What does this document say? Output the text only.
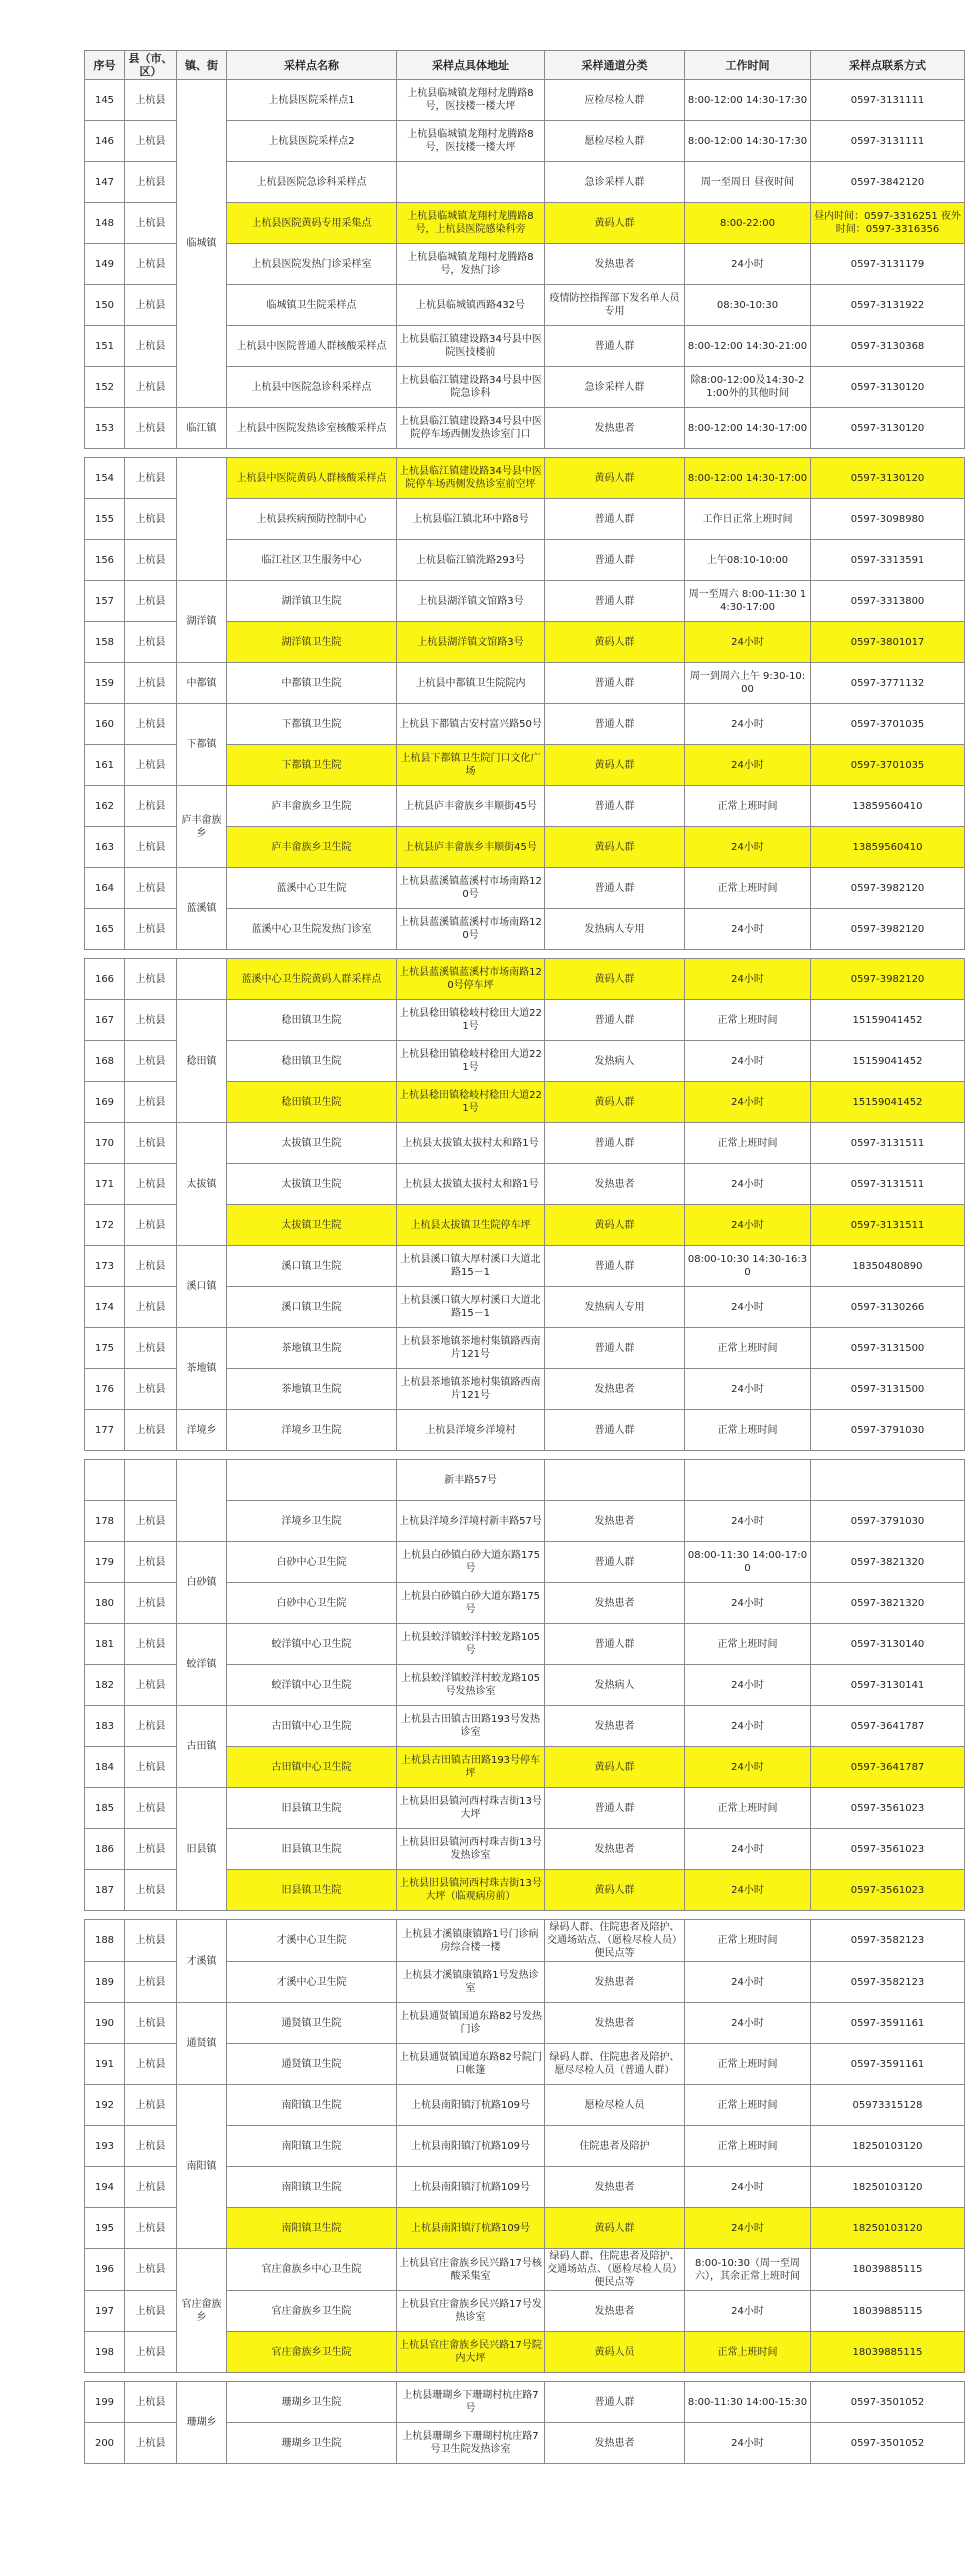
序号	县（市、区）	镇、街	采样点名称	采样点具体地址	采样通道分类	工作时间	采样点联系方式
145	上杭县	临城镇	上杭县医院采样点1	上杭县临城镇龙翔村龙腾路8号，医技楼一楼大坪	应检尽检人群	8:00-12:00 14:30-17:30	0597-3131111
146	上杭县		上杭县医院采样点2	上杭县临城镇龙翔村龙腾路8号，医技楼一楼大坪	愿检尽检人群	8:00-12:00 14:30-17:30	0597-3131111
147	上杭县		上杭县医院急诊科采样点		急诊采样人群	周一至周日 昼夜时间	0597-3842120
148	上杭县		上杭县医院黄码专用采集点	上杭县临城镇龙翔村龙腾路8号，上杭县医院感染科旁	黄码人群	8:00-22:00	昼内时间：0597-3316251 夜外时间：0597-3316356
149	上杭县		上杭县医院发热门诊采样室	上杭县临城镇龙翔村龙腾路8号，发热门诊	发热患者	24小时	0597-3131179
150	上杭县		临城镇卫生院采样点	上杭县临城镇西路432号	疫情防控指挥部下发名单人员专用	08:30-10:30	0597-3131922
151	上杭县		上杭县中医院普通人群核酸采样点	上杭县临江镇建设路34号县中医院医技楼前	普通人群	8:00-12:00 14:30-21:00	0597-3130368
152	上杭县		上杭县中医院急诊科采样点	上杭县临江镇建设路34号县中医院急诊科	急诊采样人群	除8:00-12:00及14:30-21:00外的其他时间	0597-3130120
153	上杭县	临江镇	上杭县中医院发热诊室核酸采样点	上杭县临江镇建设路34号县中医院停车场西侧发热诊室门口	发热患者	8:00-12:00 14:30-17:00	0597-3130120

154	上杭县		上杭县中医院黄码人群核酸采样点	上杭县临江镇建设路34号县中医院停车场西侧发热诊室前空坪	黄码人群	8:00-12:00 14:30-17:00	0597-3130120
155	上杭县		上杭县疾病预防控制中心	上杭县临江镇北环中路8号	普通人群	工作日正常上班时间	0597-3098980
156	上杭县		临江社区卫生服务中心	上杭县临江镇洗路293号	普通人群	上午08:10-10:00	0597-3313591
157	上杭县	湖洋镇	湖洋镇卫生院	上杭县湖洋镇文馆路3号	普通人群	周一至周六 8:00-11:30 14:30-17:00	0597-3313800
158	上杭县		湖洋镇卫生院	上杭县湖洋镇文馆路3号	黄码人群	24小时	0597-3801017
159	上杭县	中都镇	中都镇卫生院	上杭县中都镇卫生院院内	普通人群	周一到周六上午 9:30-10:00	0597-3771132
160	上杭县	下都镇	下都镇卫生院	上杭县下都镇古安村富兴路50号	普通人群	24小时	0597-3701035
161	上杭县		下都镇卫生院	上杭县下都镇卫生院门口文化广场	黄码人群	24小时	0597-3701035
162	上杭县	庐丰畲族乡	庐丰畲族乡卫生院	上杭县庐丰畲族乡丰顺街45号	普通人群	正常上班时间	13859560410
163	上杭县		庐丰畲族乡卫生院	上杭县庐丰畲族乡丰顺街45号	黄码人群	24小时	13859560410
164	上杭县	蓝溪镇	蓝溪中心卫生院	上杭县蓝溪镇蓝溪村市场南路120号	普通人群	正常上班时间	0597-3982120
165	上杭县		蓝溪中心卫生院发热门诊室	上杭县蓝溪镇蓝溪村市场南路120号	发热病人专用	24小时	0597-3982120

166	上杭县		蓝溪中心卫生院黄码人群采样点	上杭县蓝溪镇蓝溪村市场南路120号停车坪	黄码人群	24小时	0597-3982120
167	上杭县	稔田镇	稔田镇卫生院	上杭县稔田镇稔岐村稔田大道221号	普通人群	正常上班时间	15159041452
168	上杭县		稔田镇卫生院	上杭县稔田镇稔岐村稔田大道221号	发热病人	24小时	15159041452
169	上杭县		稔田镇卫生院	上杭县稔田镇稔岐村稔田大道221号	黄码人群	24小时	15159041452
170	上杭县	太拔镇	太拔镇卫生院	上杭县太拔镇太拔村太和路1号	普通人群	正常上班时间	0597-3131511
171	上杭县		太拔镇卫生院	上杭县太拔镇太拔村太和路1号	发热患者	24小时	0597-3131511
172	上杭县		太拔镇卫生院	上杭县太拔镇卫生院停车坪	黄码人群	24小时	0597-3131511
173	上杭县	溪口镇	溪口镇卫生院	上杭县溪口镇大厚村溪口大道北路15－1	普通人群	08:00-10:30 14:30-16:30	18350480890
174	上杭县		溪口镇卫生院	上杭县溪口镇大厚村溪口大道北路15－1	发热病人专用	24小时	0597-3130266
175	上杭县	茶地镇	茶地镇卫生院	上杭县茶地镇茶地村集镇路西南片121号	普通人群	正常上班时间	0597-3131500
176	上杭县		茶地镇卫生院	上杭县茶地镇茶地村集镇路西南片121号	发热患者	24小时	0597-3131500
177	上杭县	洋境乡	洋境乡卫生院	上杭县洋境乡洋境村	普通人群	正常上班时间	0597-3791030

				新丰路57号			
178	上杭县		洋境乡卫生院	上杭县洋境乡洋境村新丰路57号	发热患者	24小时	0597-3791030
179	上杭县	白砂镇	白砂中心卫生院	上杭县白砂镇白砂大道东路175号	普通人群	08:00-11:30 14:00-17:00	0597-3821320
180	上杭县		白砂中心卫生院	上杭县白砂镇白砂大道东路175号	发热患者	24小时	0597-3821320
181	上杭县	蛟洋镇	蛟洋镇中心卫生院	上杭县蛟洋镇蛟洋村蛟龙路105号	普通人群	正常上班时间	0597-3130140
182	上杭县		蛟洋镇中心卫生院	上杭县蛟洋镇蛟洋村蛟龙路105号发热诊室	发热病人	24小时	0597-3130141
183	上杭县	古田镇	古田镇中心卫生院	上杭县古田镇古田路193号发热诊室	发热患者	24小时	0597-3641787
184	上杭县		古田镇中心卫生院	上杭县古田镇古田路193号停车坪	黄码人群	24小时	0597-3641787
185	上杭县	旧县镇	旧县镇卫生院	上杭县旧县镇河西村珠吉街13号大坪	普通人群	正常上班时间	0597-3561023
186	上杭县		旧县镇卫生院	上杭县旧县镇河西村珠吉街13号发热诊室	发热患者	24小时	0597-3561023
187	上杭县		旧县镇卫生院	上杭县旧县镇河西村珠吉街13号大坪（临观病房前）	黄码人群	24小时	0597-3561023

188	上杭县	才溪镇	才溪中心卫生院	上杭县才溪镇康镇路1号门诊病房综合楼一楼	绿码人群、住院患者及陪护、交通场站点、（愿检尽检人员）便民点等	正常上班时间	0597-3582123
189	上杭县		才溪中心卫生院	上杭县才溪镇康镇路1号发热诊室	发热患者	24小时	0597-3582123
190	上杭县	通贤镇	通贤镇卫生院	上杭县通贤镇国道东路82号发热门诊	发热患者	24小时	0597-3591161
191	上杭县		通贤镇卫生院	上杭县通贤镇国道东路82号院门口帐篷	绿码人群、住院患者及陪护、愿尽尽检人员（普通人群）	正常上班时间	0597-3591161
192	上杭县	南阳镇	南阳镇卫生院	上杭县南阳镇汀杭路109号	愿检尽检人员	正常上班时间	05973315128
193	上杭县		南阳镇卫生院	上杭县南阳镇汀杭路109号	住院患者及陪护	正常上班时间	18250103120
194	上杭县		南阳镇卫生院	上杭县南阳镇汀杭路109号	发热患者	24小时	18250103120
195	上杭县		南阳镇卫生院	上杭县南阳镇汀杭路109号	黄码人群	24小时	18250103120
196	上杭县	官庄畲族乡	官庄畲族乡中心卫生院	上杭县官庄畲族乡民兴路17号核酸采集室	绿码人群、住院患者及陪护、交通场站点、（愿检尽检人员）便民点等	8:00-10:30（周一至周六），其余正常上班时间	18039885115
197	上杭县		官庄畲族乡卫生院	上杭县官庄畲族乡民兴路17号发热诊室	发热患者	24小时	18039885115
198	上杭县		官庄畲族乡卫生院	上杭县官庄畲族乡民兴路17号院内大坪	黄码人员	正常上班时间	18039885115

199	上杭县	珊瑚乡	珊瑚乡卫生院	上杭县珊瑚乡下珊瑚村杭庄路7号	普通人群	8:00-11:30 14:00-15:30	0597-3501052
200	上杭县		珊瑚乡卫生院	上杭县珊瑚乡下珊瑚村杭庄路7号卫生院发热诊室	发热患者	24小时	0597-3501052
